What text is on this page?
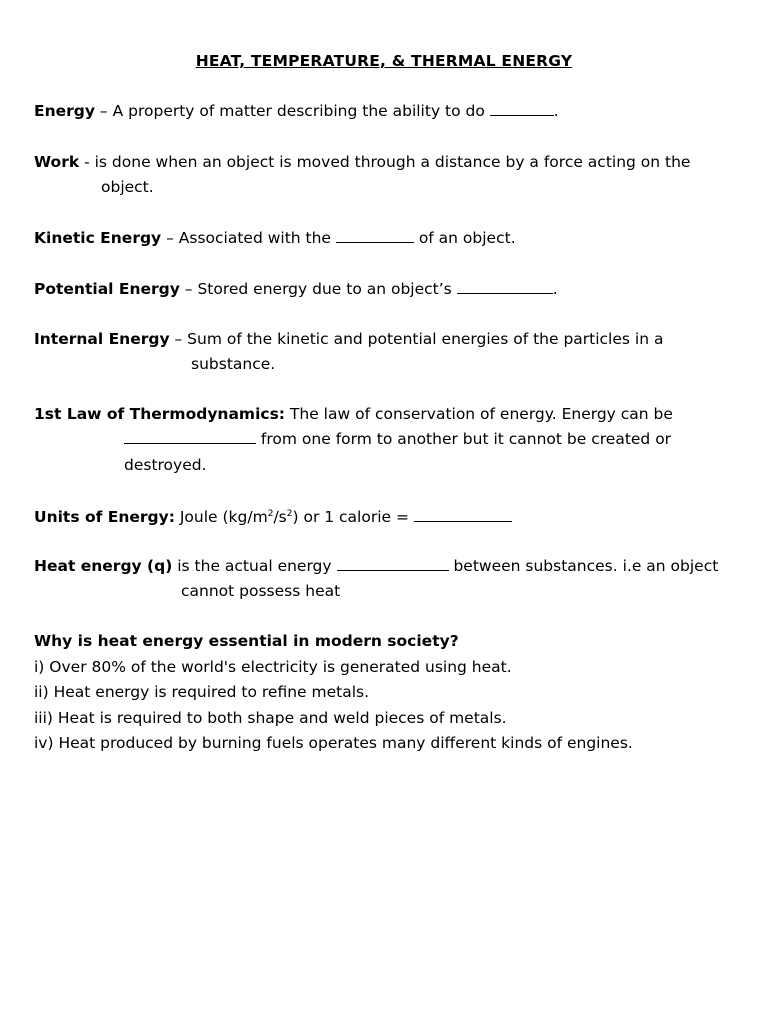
HEAT, TEMPERATURE, & THERMAL ENERGY
Energy – A property of matter describing the ability to do	.
Work - is done when an object is moved through a distance by a force acting on the
object.
Kinetic Energy – Associated with the	of an object.
Potential Energy – Stored energy due to an object’s	.
Internal Energy – Sum of the kinetic and potential energies of the particles in a
substance.
1st Law of Thermodynamics: The law of conservation of energy. Energy can be
from one form to another but it cannot be created or
destroyed.
Units of Energy: Joule $(kg/m^2/s^2)$ or 1 calorie =
Heat energy (q) is the actual energy	between substances. i.e an object
cannot possess heat
Why is heat energy essential in modern society?
i) Over 80% of the world's electricity is generated using heat.
ii) Heat energy is required to refine metals.
iii) Heat is required to both shape and weld pieces of metals.
iv) Heat produced by burning fuels operates many different kinds of engines.
